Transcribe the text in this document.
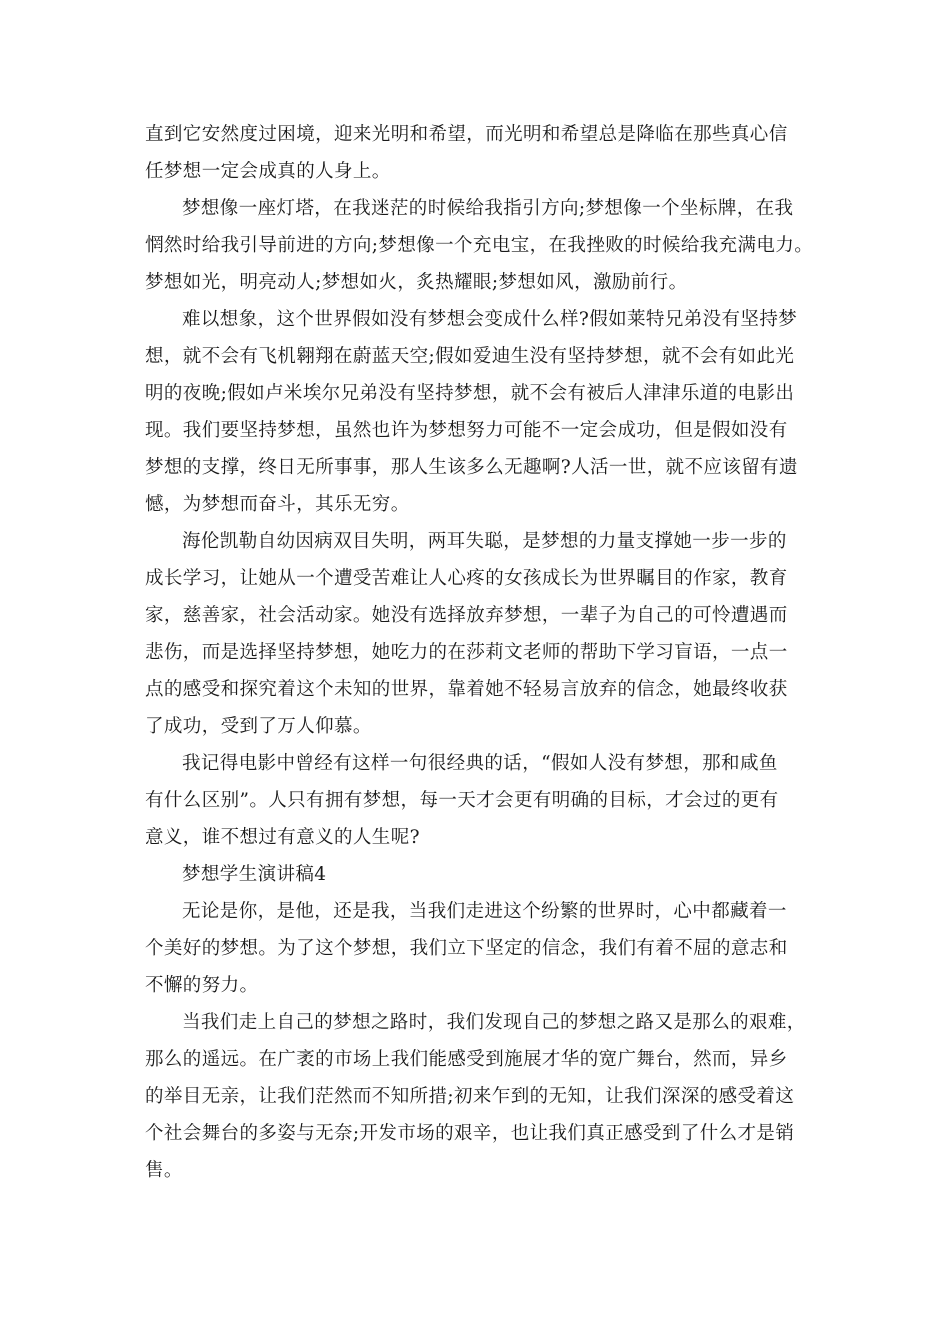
直到它安然度过困境，迎来光明和希望，而光明和希望总是降临在那些真心信
任梦想一定会成真的人身上。
梦想像一座灯塔，在我迷茫的时候给我指引方向;梦想像一个坐标牌，在我
惘然时给我引导前进的方向;梦想像一个充电宝，在我挫败的时候给我充满电力。
梦想如光，明亮动人;梦想如火，炙热耀眼;梦想如风，激励前行。
难以想象，这个世界假如没有梦想会变成什么样?假如莱特兄弟没有坚持梦
想，就不会有飞机翱翔在蔚蓝天空;假如爱迪生没有坚持梦想，就不会有如此光
明的夜晚;假如卢米埃尔兄弟没有坚持梦想，就不会有被后人津津乐道的电影出
现。我们要坚持梦想，虽然也许为梦想努力可能不一定会成功，但是假如没有
梦想的支撑，终日无所事事，那人生该多么无趣啊?人活一世，就不应该留有遗
憾，为梦想而奋斗，其乐无穷。
海伦凯勒自幼因病双目失明，两耳失聪，是梦想的力量支撑她一步一步的
成长学习，让她从一个遭受苦难让人心疼的女孩成长为世界瞩目的作家，教育
家，慈善家，社会活动家。她没有选择放弃梦想，一辈子为自己的可怜遭遇而
悲伤，而是选择坚持梦想，她吃力的在莎莉文老师的帮助下学习盲语，一点一
点的感受和探究着这个未知的世界，靠着她不轻易言放弃的信念，她最终收获
了成功，受到了万人仰慕。
我记得电影中曾经有这样一句很经典的话，“假如人没有梦想，那和咸鱼
有什么区别”。人只有拥有梦想，每一天才会更有明确的目标，才会过的更有
意义，谁不想过有意义的人生呢?
梦想学生演讲稿4
无论是你，是他，还是我，当我们走进这个纷繁的世界时，心中都藏着一
个美好的梦想。为了这个梦想，我们立下坚定的信念，我们有着不屈的意志和
不懈的努力。
当我们走上自己的梦想之路时，我们发现自己的梦想之路又是那么的艰难，
那么的遥远。在广袤的市场上我们能感受到施展才华的宽广舞台，然而，异乡
的举目无亲，让我们茫然而不知所措;初来乍到的无知，让我们深深的感受着这
个社会舞台的多姿与无奈;开发市场的艰辛，也让我们真正感受到了什么才是销
售。
